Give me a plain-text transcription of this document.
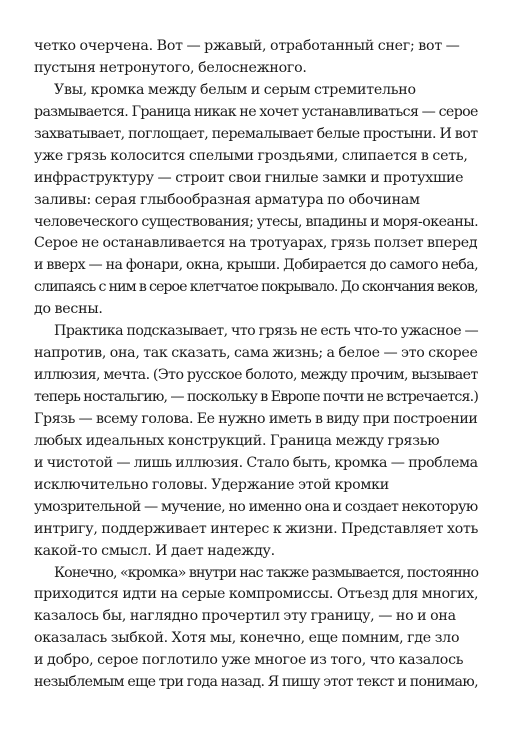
четко очерчена. Вот — ржавый, отработанный снег; вот —
пустыня нетронутого, белоснежного.
Увы, кромка между белым и серым стремительно
размывается. Граница никак не хочет устанавливаться — серое
захватывает, поглощает, перемалывает белые простыни. И вот
уже грязь колосится спелыми гроздьями, слипается в сеть,
инфраструктуру — строит свои гнилые замки и протухшие
заливы: серая глыбообразная арматура по обочинам
человеческого существования; утесы, впадины и моря-океаны.
Серое не останавливается на тротуарах, грязь ползет вперед
и вверх — на фонари, окна, крыши. Добирается до самого неба,
слипаясь с ним в серое клетчатое покрывало. До скончания веков,
до весны.
Практика подсказывает, что грязь не есть что-то ужасное —
напротив, она, так сказать, сама жизнь; а белое — это скорее
иллюзия, мечта. (Это русское болото, между прочим, вызывает
теперь ностальгию, — поскольку в Европе почти не встречается.)
Грязь — всему голова. Ее нужно иметь в виду при построении
любых идеальных конструкций. Граница между грязью
и чистотой — лишь иллюзия. Стало быть, кромка — проблема
исключительно головы. Удержание этой кромки
умозрительной — мучение, но именно она и создает некоторую
интригу, поддерживает интерес к жизни. Представляет хоть
какой-то смысл. И дает надежду.
Конечно, «кромка» внутри нас также размывается, постоянно
приходится идти на серые компромиссы. Отъезд для многих,
казалось бы, наглядно прочертил эту границу, — но и она
оказалась зыбкой. Хотя мы, конечно, еще помним, где зло
и добро, серое поглотило уже многое из того, что казалось
незыблемым еще три года назад. Я пишу этот текст и понимаю,
